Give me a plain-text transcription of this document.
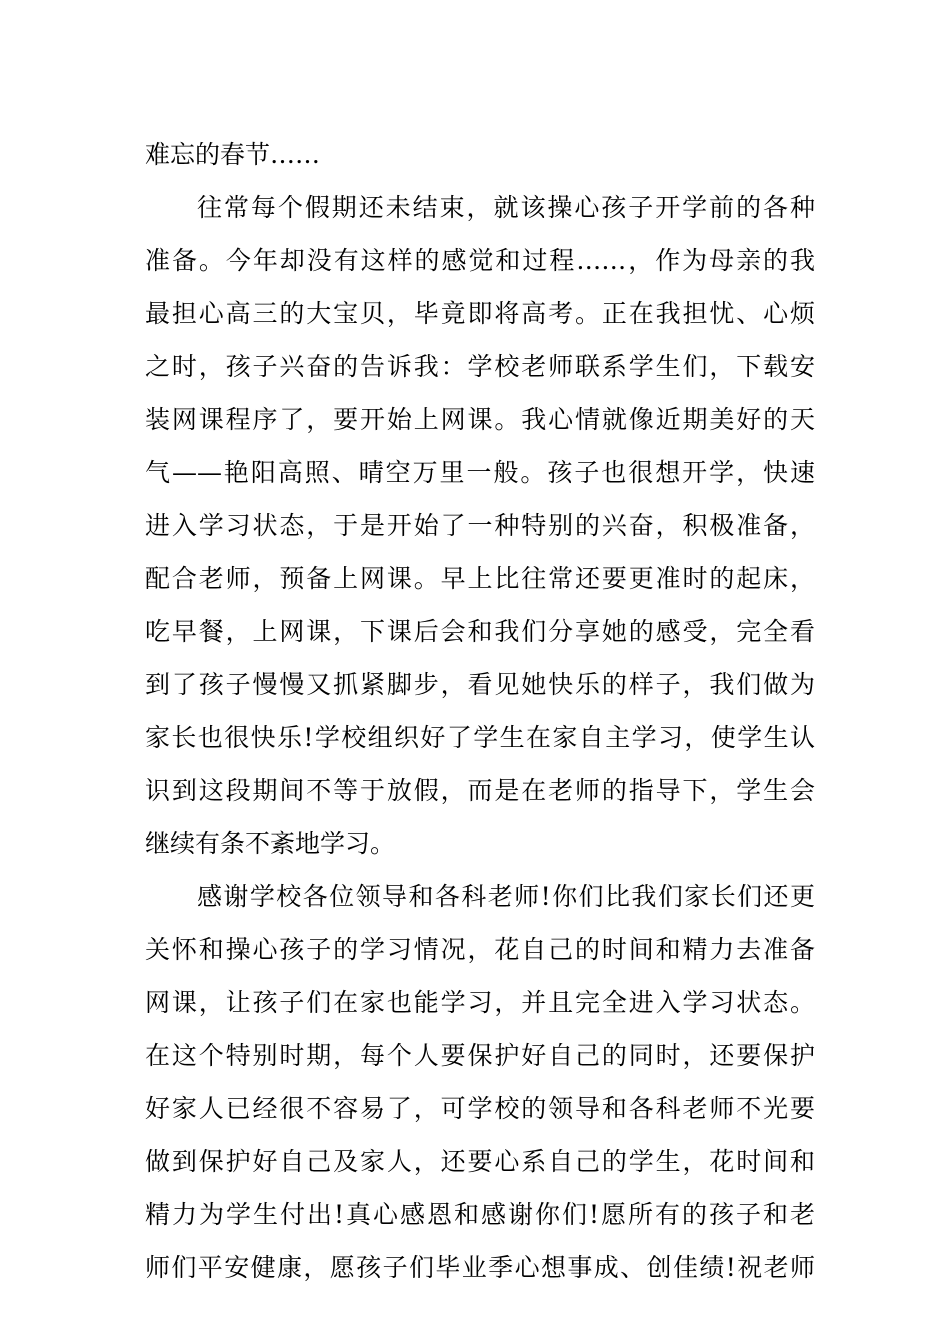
难忘的春节……
往常每个假期还未结束，就该操心孩子开学前的各种
准备。今年却没有这样的感觉和过程……，作为母亲的我
最担心高三的大宝贝，毕竟即将高考。正在我担忧、心烦
之时，孩子兴奋的告诉我：学校老师联系学生们，下载安
装网课程序了，要开始上网课。我心情就像近期美好的天
气——艳阳高照、晴空万里一般。孩子也很想开学，快速
进入学习状态，于是开始了一种特别的兴奋，积极准备，
配合老师，预备上网课。早上比往常还要更准时的起床，
吃早餐，上网课，下课后会和我们分享她的感受，完全看
到了孩子慢慢又抓紧脚步，看见她快乐的样子，我们做为
家长也很快乐!学校组织好了学生在家自主学习，使学生认
识到这段期间不等于放假，而是在老师的指导下，学生会
继续有条不紊地学习。
感谢学校各位领导和各科老师!你们比我们家长们还更
关怀和操心孩子的学习情况，花自己的时间和精力去准备
网课，让孩子们在家也能学习，并且完全进入学习状态。
在这个特别时期，每个人要保护好自己的同时，还要保护
好家人已经很不容易了，可学校的领导和各科老师不光要
做到保护好自己及家人，还要心系自己的学生，花时间和
精力为学生付出!真心感恩和感谢你们!愿所有的孩子和老
师们平安健康，愿孩子们毕业季心想事成、创佳绩!祝老师
